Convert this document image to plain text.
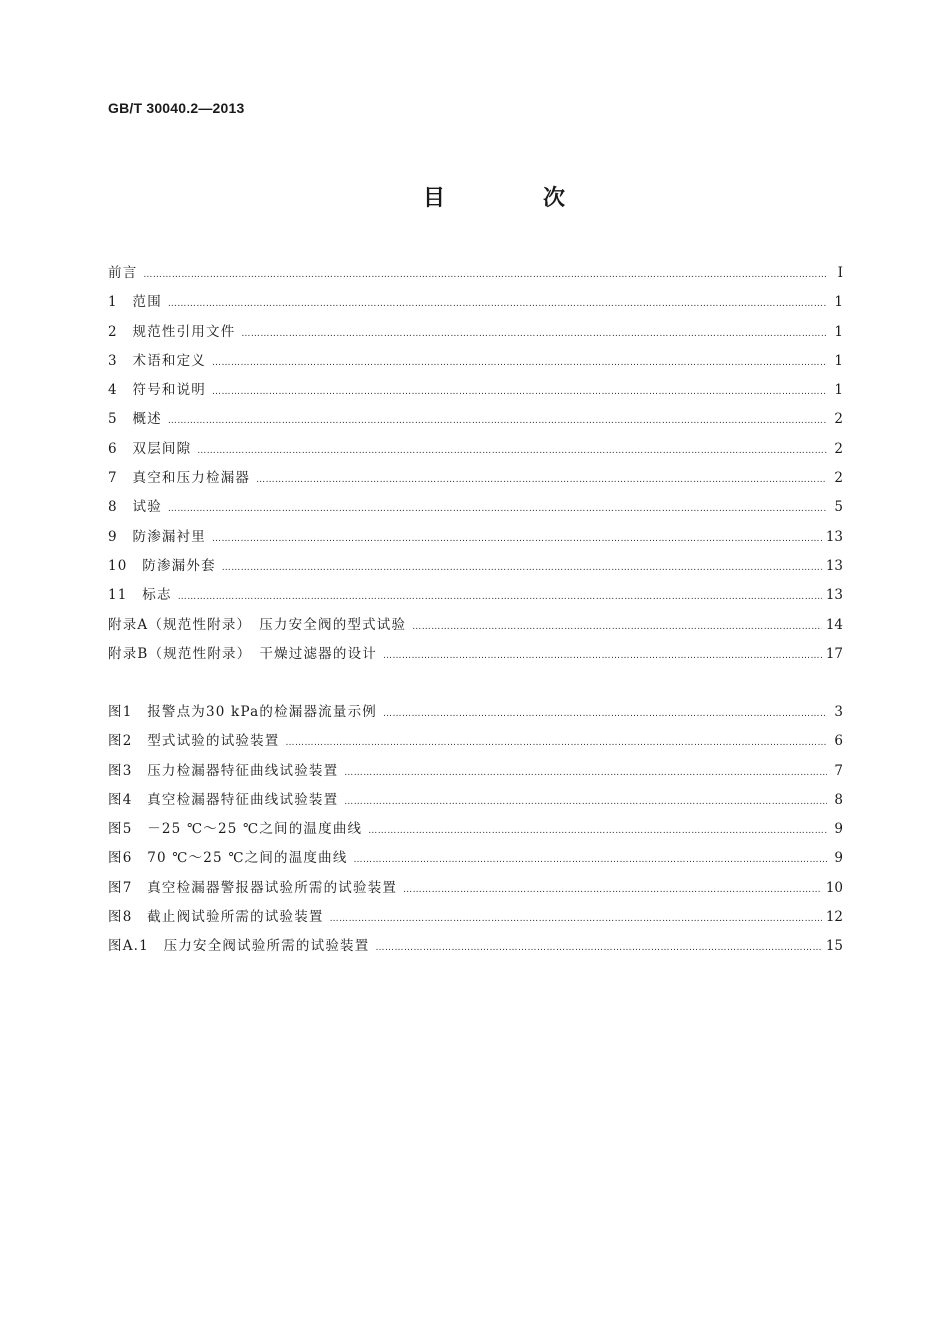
GB/T 30040.2—2013
目　次
前言 ………………………………………………………………………………………………………………………………………………………………………………………………………………	Ⅰ
1　范围 ………………………………………………………………………………………………………………………………………………………………………………………………………………	1
2　规范性引用文件 ………………………………………………………………………………………………………………………………………………………………………………………………………………	1
3　术语和定义 ………………………………………………………………………………………………………………………………………………………………………………………………………………	1
4　符号和说明 ………………………………………………………………………………………………………………………………………………………………………………………………………………	1
5　概述 ………………………………………………………………………………………………………………………………………………………………………………………………………………	2
6　双层间隙 ………………………………………………………………………………………………………………………………………………………………………………………………………………	2
7　真空和压力检漏器 ………………………………………………………………………………………………………………………………………………………………………………………………………………	2
8　试验 ………………………………………………………………………………………………………………………………………………………………………………………………………………	5
9　防渗漏衬里 ………………………………………………………………………………………………………………………………………………………………………………………………………………	13
10　防渗漏外套 ………………………………………………………………………………………………………………………………………………………………………………………………………………	13
11　标志 ………………………………………………………………………………………………………………………………………………………………………………………………………………	13
附录A（规范性附录）　压力安全阀的型式试验 ………………………………………………………………………………………………………………………………………………………………………………………………………………	14
附录B（规范性附录）　干燥过滤器的设计 ………………………………………………………………………………………………………………………………………………………………………………………………………………	17
图1　报警点为30 kPa的检漏器流量示例 ………………………………………………………………………………………………………………………………………………………………………………………………………………	3
图2　型式试验的试验装置 ………………………………………………………………………………………………………………………………………………………………………………………………………………	6
图3　压力检漏器特征曲线试验装置 ………………………………………………………………………………………………………………………………………………………………………………………………………………	7
图4　真空检漏器特征曲线试验装置 ………………………………………………………………………………………………………………………………………………………………………………………………………………	8
图5　－25 ℃～25 ℃之间的温度曲线 ………………………………………………………………………………………………………………………………………………………………………………………………………………	9
图6　70 ℃～25 ℃之间的温度曲线 ………………………………………………………………………………………………………………………………………………………………………………………………………………	9
图7　真空检漏器警报器试验所需的试验装置 ………………………………………………………………………………………………………………………………………………………………………………………………………………	10
图8　截止阀试验所需的试验装置 ………………………………………………………………………………………………………………………………………………………………………………………………………………	12
图A.1　压力安全阀试验所需的试验装置 ………………………………………………………………………………………………………………………………………………………………………………………………………………	15
